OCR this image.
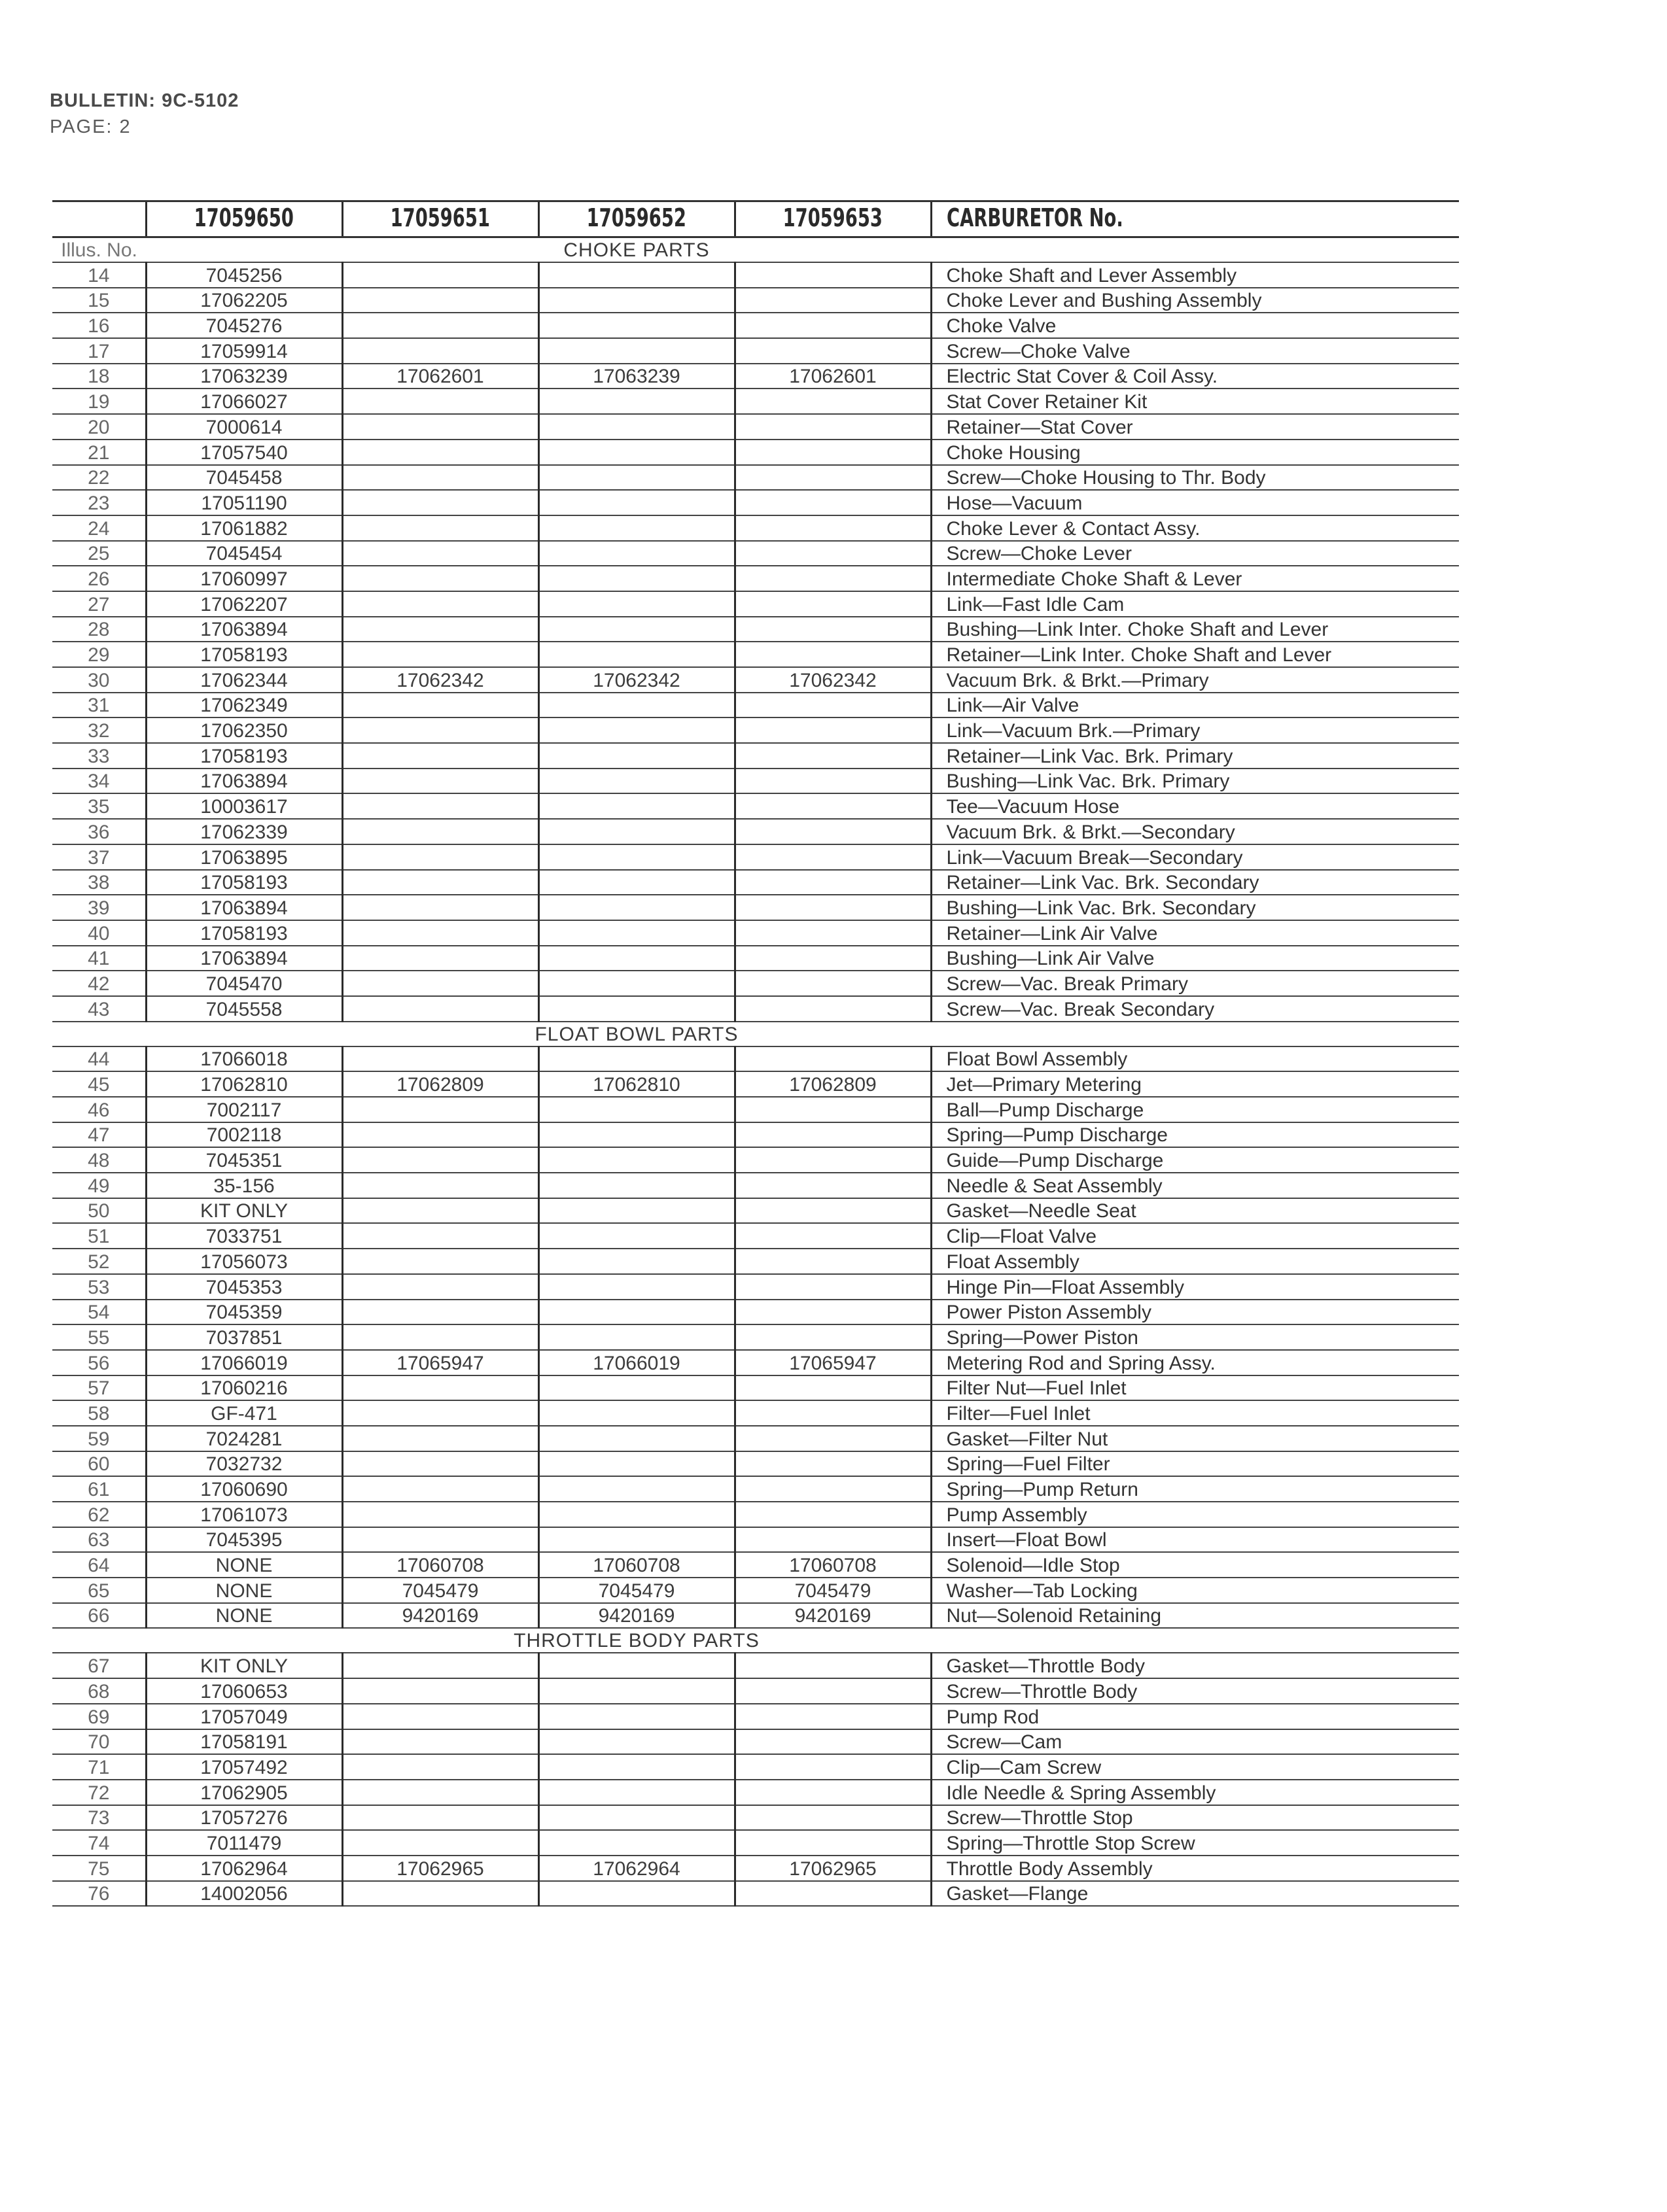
BULLETIN: 9C-5102
PAGE: 2
	17059650	17059651	17059652	17059653	CARBURETOR No.
Illus. No.		CHOKE PARTS			
14	7045256				Choke Shaft and Lever Assembly
15	17062205				Choke Lever and Bushing Assembly
16	7045276				Choke Valve
17	17059914				Screw—Choke Valve
18	17063239	17062601	17063239	17062601	Electric Stat Cover & Coil Assy.
19	17066027				Stat Cover Retainer Kit
20	7000614				Retainer—Stat Cover
21	17057540				Choke Housing
22	7045458				Screw—Choke Housing to Thr. Body
23	17051190				Hose—Vacuum
24	17061882				Choke Lever & Contact Assy.
25	7045454				Screw—Choke Lever
26	17060997				Intermediate Choke Shaft & Lever
27	17062207				Link—Fast Idle Cam
28	17063894				Bushing—Link Inter. Choke Shaft and Lever
29	17058193				Retainer—Link Inter. Choke Shaft and Lever
30	17062344	17062342	17062342	17062342	Vacuum Brk. & Brkt.—Primary
31	17062349				Link—Air Valve
32	17062350				Link—Vacuum Brk.—Primary
33	17058193				Retainer—Link Vac. Brk. Primary
34	17063894				Bushing—Link Vac. Brk. Primary
35	10003617				Tee—Vacuum Hose
36	17062339				Vacuum Brk. & Brkt.—Secondary
37	17063895				Link—Vacuum Break—Secondary
38	17058193				Retainer—Link Vac. Brk. Secondary
39	17063894				Bushing—Link Vac. Brk. Secondary
40	17058193				Retainer—Link Air Valve
41	17063894				Bushing—Link Air Valve
42	7045470				Screw—Vac. Break Primary
43	7045558				Screw—Vac. Break Secondary
		FLOAT BOWL PARTS			
44	17066018				Float Bowl Assembly
45	17062810	17062809	17062810	17062809	Jet—Primary Metering
46	7002117				Ball—Pump Discharge
47	7002118				Spring—Pump Discharge
48	7045351				Guide—Pump Discharge
49	35-156				Needle & Seat Assembly
50	KIT ONLY				Gasket—Needle Seat
51	7033751				Clip—Float Valve
52	17056073				Float Assembly
53	7045353				Hinge Pin—Float Assembly
54	7045359				Power Piston Assembly
55	7037851				Spring—Power Piston
56	17066019	17065947	17066019	17065947	Metering Rod and Spring Assy.
57	17060216				Filter Nut—Fuel Inlet
58	GF-471				Filter—Fuel Inlet
59	7024281				Gasket—Filter Nut
60	7032732				Spring—Fuel Filter
61	17060690				Spring—Pump Return
62	17061073				Pump Assembly
63	7045395				Insert—Float Bowl
64	NONE	17060708	17060708	17060708	Solenoid—Idle Stop
65	NONE	7045479	7045479	7045479	Washer—Tab Locking
66	NONE	9420169	9420169	9420169	Nut—Solenoid Retaining
		THROTTLE BODY PARTS			
67	KIT ONLY				Gasket—Throttle Body
68	17060653				Screw—Throttle Body
69	17057049				Pump Rod
70	17058191				Screw—Cam
71	17057492				Clip—Cam Screw
72	17062905				Idle Needle & Spring Assembly
73	17057276				Screw—Throttle Stop
74	7011479				Spring—Throttle Stop Screw
75	17062964	17062965	17062964	17062965	Throttle Body Assembly
76	14002056				Gasket—Flange
